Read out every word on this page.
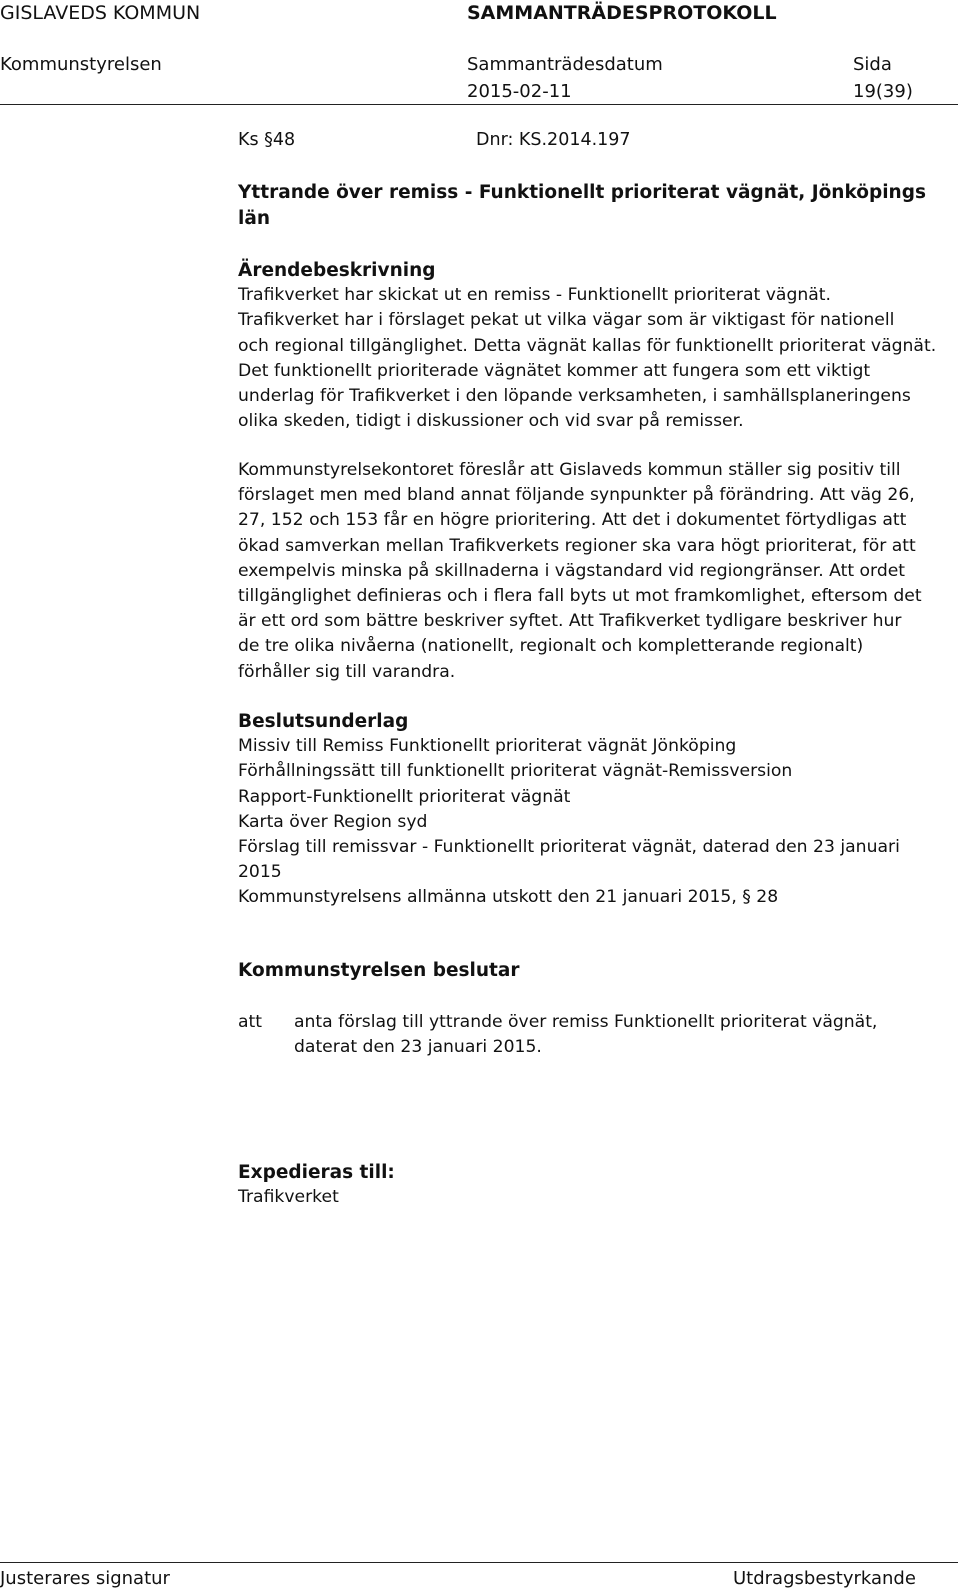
GISLAVEDS KOMMUN	SAMMANTRÄDESPROTOKOLL
Kommunstyrelsen	Sammanträdesdatum	Sida
2015-02-11	19(39)
Ks §48	Dnr: KS.2014.197
Yttrande över remiss - Funktionellt prioriterat vägnät, Jönköpings
län
Ärendebeskrivning
Trafikverket har skickat ut en remiss - Funktionellt prioriterat vägnät.
Trafikverket har i förslaget pekat ut vilka vägar som är viktigast för nationell
och regional tillgänglighet. Detta vägnät kallas för funktionellt prioriterat vägnät.
Det funktionellt prioriterade vägnätet kommer att fungera som ett viktigt
underlag för Trafikverket i den löpande verksamheten, i samhällsplaneringens
olika skeden, tidigt i diskussioner och vid svar på remisser.
Kommunstyrelsekontoret föreslår att Gislaveds kommun ställer sig positiv till
förslaget men med bland annat följande synpunkter på förändring. Att väg 26,
27, 152 och 153 får en högre prioritering. Att det i dokumentet förtydligas att
ökad samverkan mellan Trafikverkets regioner ska vara högt prioriterat, för att
exempelvis minska på skillnaderna i vägstandard vid regiongränser. Att ordet
tillgänglighet definieras och i flera fall byts ut mot framkomlighet, eftersom det
är ett ord som bättre beskriver syftet. Att Trafikverket tydligare beskriver hur
de tre olika nivåerna (nationellt, regionalt och kompletterande regionalt)
förhåller sig till varandra.
Beslutsunderlag
Missiv till Remiss Funktionellt prioriterat vägnät Jönköping
Förhållningssätt till funktionellt prioriterat vägnät-Remissversion
Rapport-Funktionellt prioriterat vägnät
Karta över Region syd
Förslag till remissvar - Funktionellt prioriterat vägnät, daterad den 23 januari
2015
Kommunstyrelsens allmänna utskott den 21 januari 2015, § 28
Kommunstyrelsen beslutar
att anta förslag till yttrande över remiss Funktionellt prioriterat vägnät,
daterat den 23 januari 2015.
Expedieras till:
Trafikverket
Justerares signatur	Utdragsbestyrkande
